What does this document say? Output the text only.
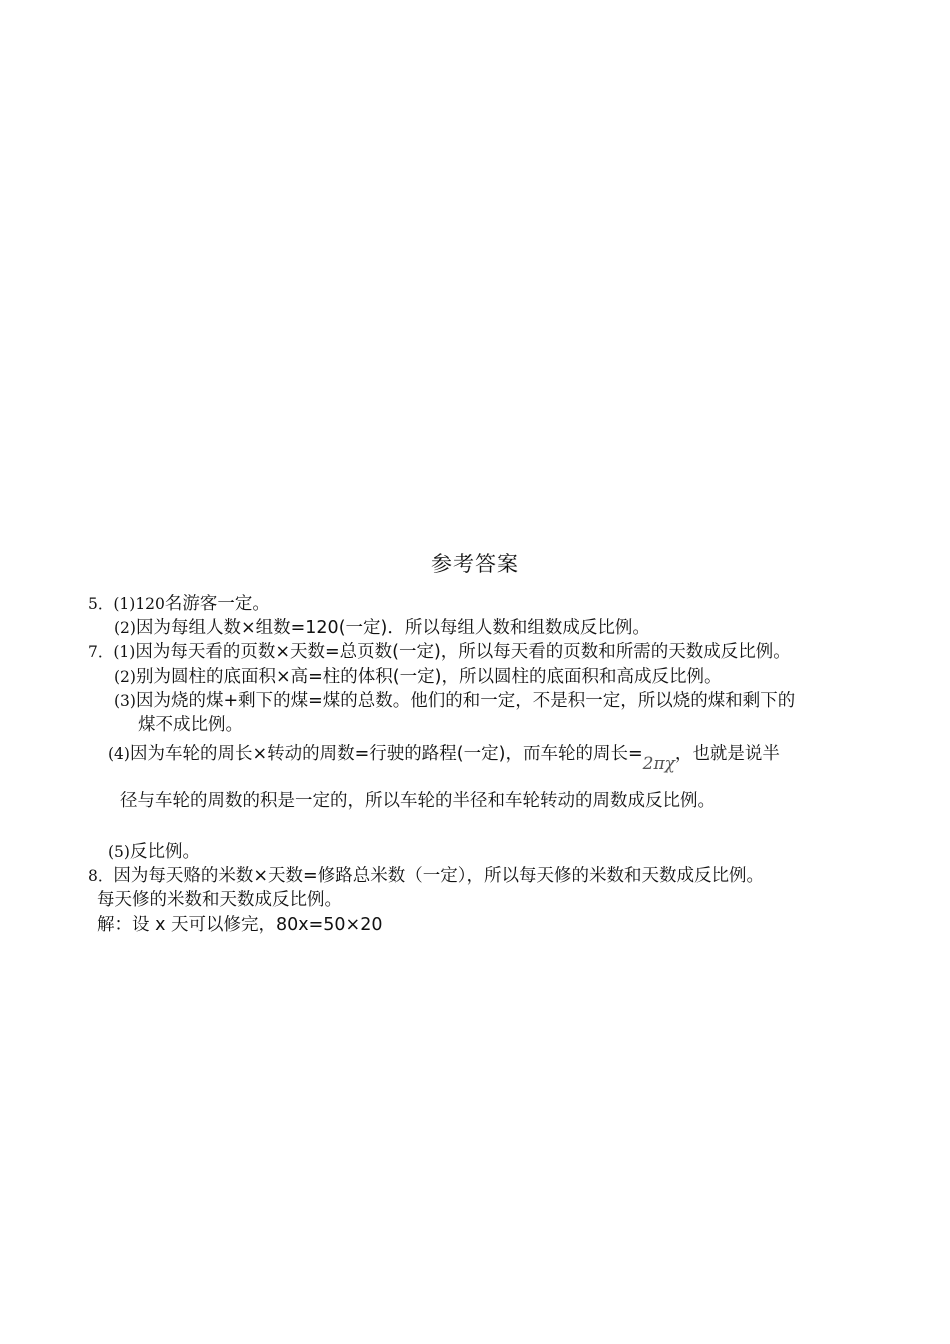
参考答案
5．(1)120名游客一定。
(2)因为每组人数×组数=120(一定)．所以每组人数和组数成反比例。
7．(1)因为每天看的页数×天数=总页数(一定)，所以每天看的页数和所需的天数成反比例。
(2)别为圆柱的底面积×高=柱的体积(一定)，所以圆柱的底面积和高成反比例。
(3)因为烧的煤+剩下的煤=煤的总数。他们的和一定，不是积一定，所以烧的煤和剩下的
煤不成比例。
(4)因为车轮的周长×转动的周数=行驶的路程(一定)，而车轮的周长=2πχ，也就是说半
径与车轮的周数的积是一定的，所以车轮的半径和车轮转动的周数成反比例。
(5)反比例。
8．因为每天赂的米数×天数=修路总米数（一定），所以每天修的米数和天数成反比例。
每天修的米数和天数成反比例。
解：设 x 天可以修完，80x=50×20
